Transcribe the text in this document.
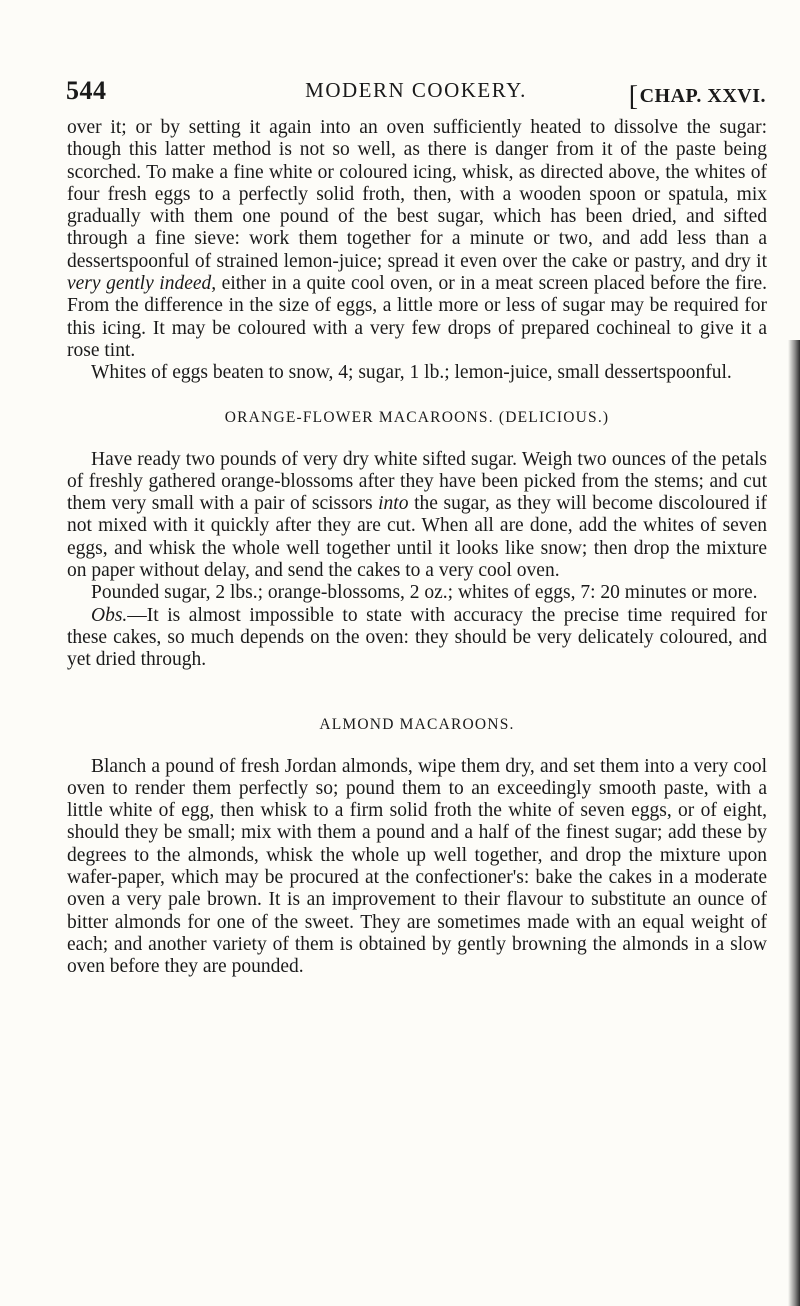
544	MODERN COOKERY.	[CHAP. XXVI.

over it; or by setting it again into an oven sufficiently heated to dissolve the sugar: though this latter method is not so well, as there is danger from it of the paste being scorched. To make a fine white or coloured icing, whisk, as directed above, the whites of four fresh eggs to a perfectly solid froth, then, with a wooden spoon or spatula, mix gradually with them one pound of the best sugar, which has been dried, and sifted through a fine sieve: work them together for a minute or two, and add less than a dessertspoonful of strained lemon-juice; spread it even over the cake or pastry, and dry it very gently indeed, either in a quite cool oven, or in a meat screen placed before the fire. From the difference in the size of eggs, a little more or less of sugar may be required for this icing. It may be coloured with a very few drops of prepared cochineal to give it a rose tint.

Whites of eggs beaten to snow, 4; sugar, 1 lb.; lemon-juice, small dessertspoonful.

ORANGE-FLOWER MACAROONS. (DELICIOUS.)

Have ready two pounds of very dry white sifted sugar. Weigh two ounces of the petals of freshly gathered orange-blossoms after they have been picked from the stems; and cut them very small with a pair of scissors into the sugar, as they will become discoloured if not mixed with it quickly after they are cut. When all are done, add the whites of seven eggs, and whisk the whole well together until it looks like snow; then drop the mixture on paper without delay, and send the cakes to a very cool oven.

Pounded sugar, 2 lbs.; orange-blossoms, 2 oz.; whites of eggs, 7: 20 minutes or more.

Obs.—It is almost impossible to state with accuracy the precise time required for these cakes, so much depends on the oven: they should be very delicately coloured, and yet dried through.

ALMOND MACAROONS.

Blanch a pound of fresh Jordan almonds, wipe them dry, and set them into a very cool oven to render them perfectly so; pound them to an exceedingly smooth paste, with a little white of egg, then whisk to a firm solid froth the white of seven eggs, or of eight, should they be small; mix with them a pound and a half of the finest sugar; add these by degrees to the almonds, whisk the whole up well together, and drop the mixture upon wafer-paper, which may be procured at the confectioner's: bake the cakes in a moderate oven a very pale brown. It is an improvement to their flavour to substitute an ounce of bitter almonds for one of the sweet. They are sometimes made with an equal weight of each; and another variety of them is obtained by gently browning the almonds in a slow oven before they are pounded.
